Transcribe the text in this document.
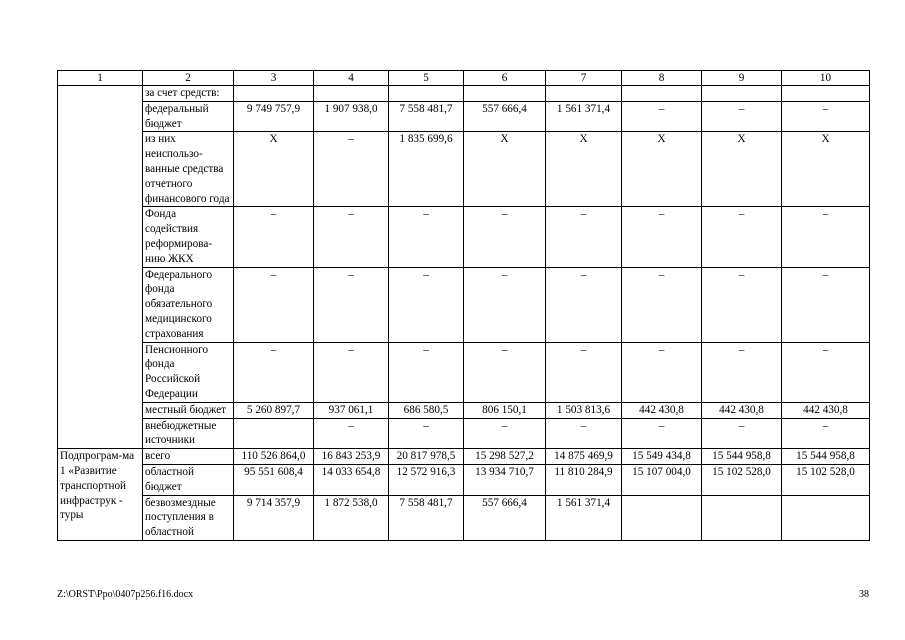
1	2	3	4	5	6	7	8	9	10
	за счет средств:								
	федеральный бюджет	9 749 757,9	1 907 938,0	7 558 481,7	557 666,4	1 561 371,4	–	–	–
	из них неиспользо-ванные средства отчетного финансового года	X	–	1 835 699,6	X	X	X	X	X
	Фонда содействия реформирова-нию ЖКХ	–	–	–	–	–	–	–	–
	Федерального фонда обязательного медицинского страхования	–	–	–	–	–	–	–	–
	Пенсионного фонда Российской Федерации	–	–	–	–	–	–	–	–
	местный бюджет	5 260 897,7	937 061,1	686 580,5	806 150,1	1 503 813,6	442 430,8	442 430,8	442 430,8
	внебюджетные источники		–	–	–	–	–	–	–
Подпрограм-ма 1 «Развитие транспортной инфраструк - туры	всего	110 526 864,0	16 843 253,9	20 817 978,5	15 298 527,2	14 875 469,9	15 549 434,8	15 544 958,8	15 544 958,8
	областной бюджет	95 551 608,4	14 033 654,8	12 572 916,3	13 934 710,7	11 810 284,9	15 107 004,0	15 102 528,0	15 102 528,0
	безвозмездные поступления в областной	9 714 357,9	1 872 538,0	7 558 481,7	557 666,4	1 561 371,4			
Z:\ORST\Ppo\0407p256.f16.docx	38
